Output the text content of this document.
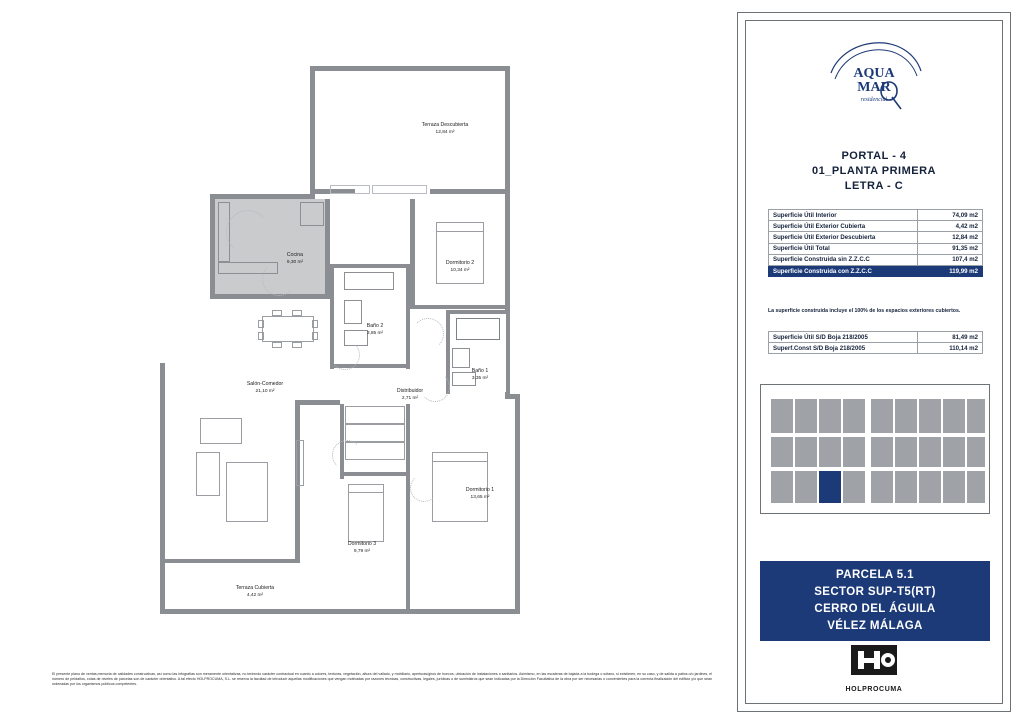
Terraza Descubierta
12,84 m²
Cocina
9,30 m²	Dormitorio 2
10,34 m²
Baño 2
3,85 m²
Baño 1
3,35 m²
Salón-Comedor
21,10 m²	Distribuidor
2,71 m²
Dormitorio 1
13,65 m²
Dormitorio 3
9,79 m²
Terraza Cubierta
4,42 m²
AQUA
MAR
residencial
PORTAL - 4
01_PLANTA PRIMERA
LETRA - C
Superficie Útil Interior	74,09 m2
Superficie Útil Exterior Cubierta	4,42 m2
Superficie Útil Exterior Descubierta	12,84 m2
Superficie Útil Total	91,35 m2
Superficie Construida sin Z.Z.C.C	107,4 m2
Superficie Construida con Z.Z.C.C	119,99 m2
La superficie construida incluye el 100% de los espacios exteriores cubiertos.
Superficie Útil S/D Boja 218/2005	81,49 m2
Superf.Const S/D Boja 218/2005	110,14 m2
PARCELA 5.1
SECTOR SUP-T5(RT)
CERRO DEL ÁGUILA
VÉLEZ MÁLAGA
HOLPROCUMA
El presente plano de ventas,memoria de calidades constructivas, así como las infografías son meramente orientativas, no teniendo carácter contractual en cuanto a colores, texturas, vegetación, altura del vallado, y mobiliario, aperturas/giros de huecos, ubicación de instalaciones o sanitarios. Asimismo, en las escaleras de bajada a la bodega o sótano, si existieren, en su caso, y de salida a patios o/o jardines, el número de peldaños, cotas de niveles de parcelas son de carácter orientativo. A tal efecto HOLPROCUMA, S.L. se reserva la facultad de introducir aquellas modificaciones que vengan motivadas por razones técnicas, constructivas, legales, jurídicas o de suministros que sean indicadas por la Dirección Facultativa de la obra por ser necesarias o convenientes para la correcta finalización del edificio y/o que sean ordenadas por los organismos públicos competentes.
